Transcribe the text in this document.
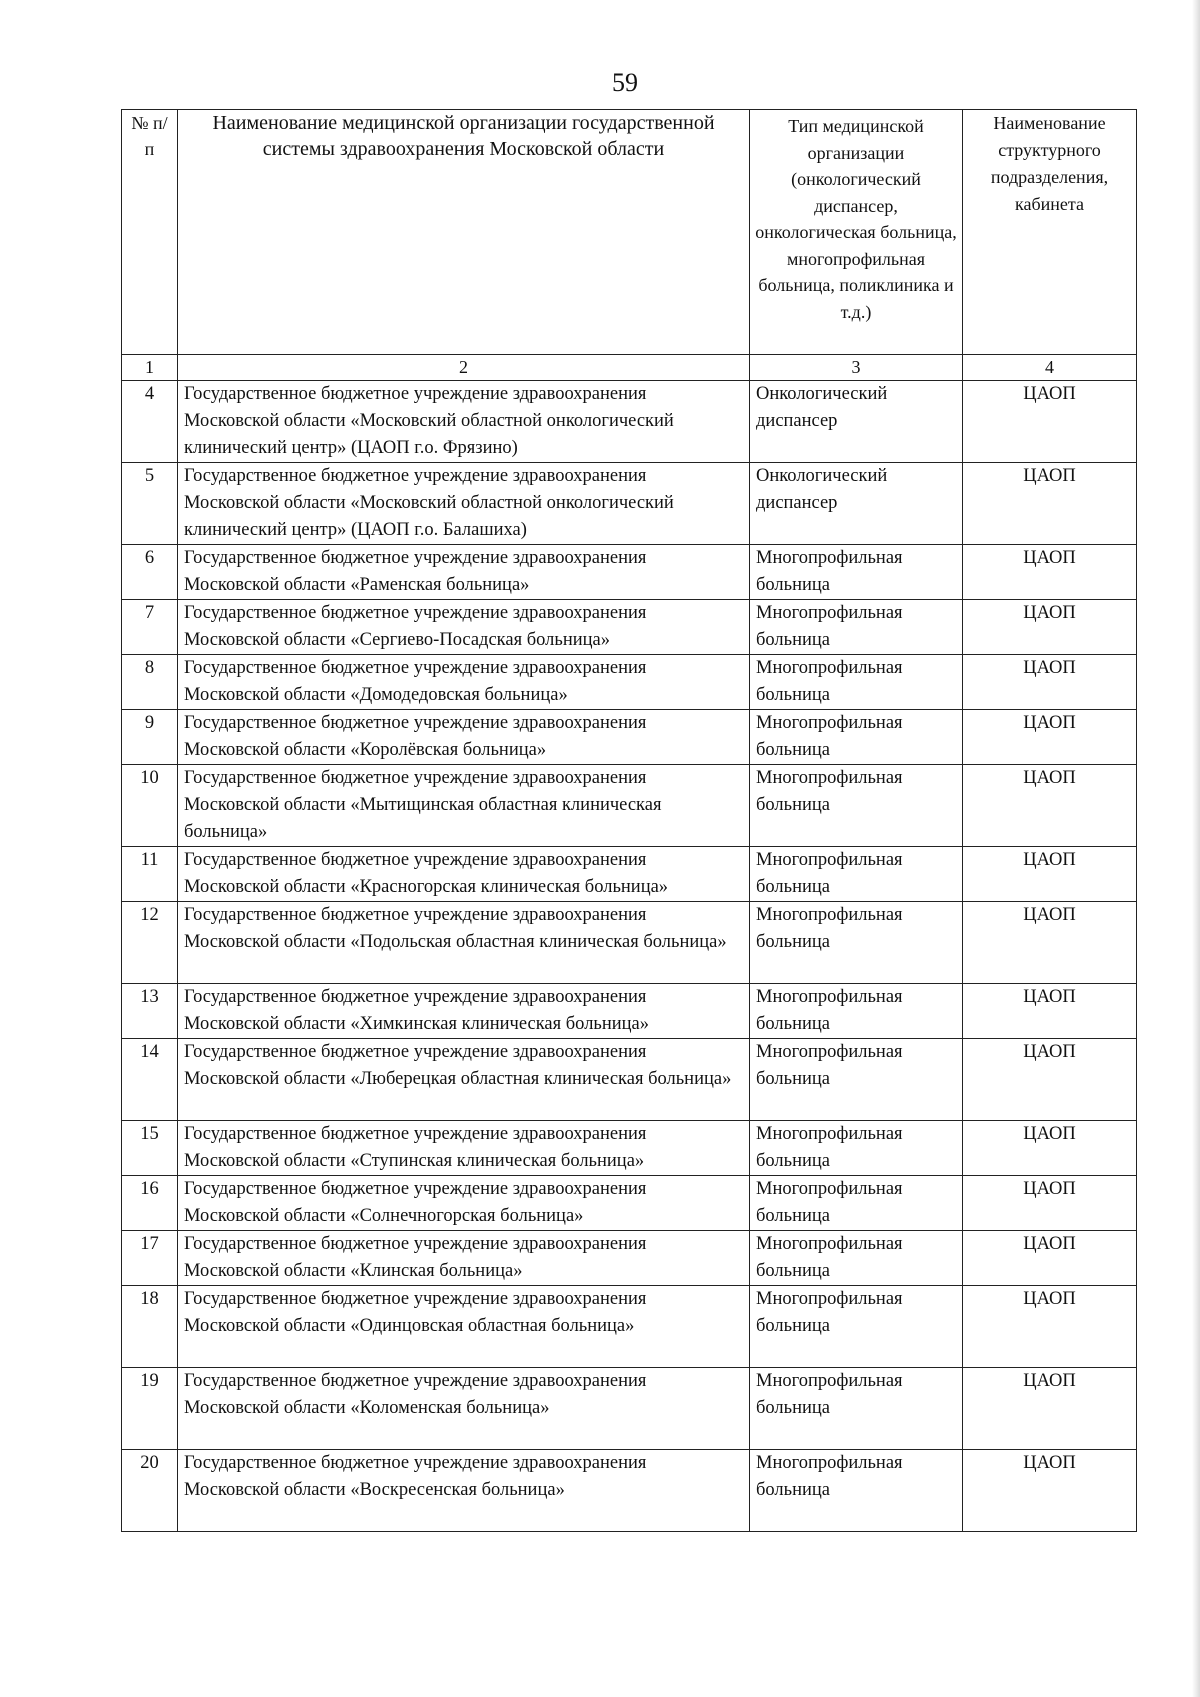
59
№ п/п	Наименование медицинской организации государственной системы здравоохранения Московской области	Тип медицинской организации (онкологический диспансер, онкологическая больница, многопрофильная больница, поликлиника и т.д.)	Наименование структурного подразделения, кабинета
1	2	3	4
4	Государственное бюджетное учреждение здравоохранения Московской области «Московский областной онкологический клинический центр» (ЦАОП г.о. Фрязино)	Онкологический диспансер	ЦАОП
5	Государственное бюджетное учреждение здравоохранения Московской области «Московский областной онкологический клинический центр» (ЦАОП г.о. Балашиха)	Онкологический диспансер	ЦАОП
6	Государственное бюджетное учреждение здравоохранения Московской области «Раменская больница»	Многопрофильная больница	ЦАОП
7	Государственное бюджетное учреждение здравоохранения Московской области «Сергиево-Посадская больница»	Многопрофильная больница	ЦАОП
8	Государственное бюджетное учреждение здравоохранения Московской области «Домодедовская больница»	Многопрофильная больница	ЦАОП
9	Государственное бюджетное учреждение здравоохранения Московской области «Королёвская больница»	Многопрофильная больница	ЦАОП
10	Государственное бюджетное учреждение здравоохранения Московской области «Мытищинская областная клиническая больница»	Многопрофильная больница	ЦАОП
11	Государственное бюджетное учреждение здравоохранения Московской области «Красногорская клиническая больница»	Многопрофильная больница	ЦАОП
12	Государственное бюджетное учреждение здравоохранения Московской области «Подольская областная клиническая больница»	Многопрофильная больница	ЦАОП
13	Государственное бюджетное учреждение здравоохранения Московской области «Химкинская клиническая больница»	Многопрофильная больница	ЦАОП
14	Государственное бюджетное учреждение здравоохранения Московской области «Люберецкая областная клиническая больница»	Многопрофильная больница	ЦАОП
15	Государственное бюджетное учреждение здравоохранения Московской области «Ступинская клиническая больница»	Многопрофильная больница	ЦАОП
16	Государственное бюджетное учреждение здравоохранения Московской области «Солнечногорская больница»	Многопрофильная больница	ЦАОП
17	Государственное бюджетное учреждение здравоохранения Московской области «Клинская больница»	Многопрофильная больница	ЦАОП
18	Государственное бюджетное учреждение здравоохранения Московской области «Одинцовская областная больница»	Многопрофильная больница	ЦАОП
19	Государственное бюджетное учреждение здравоохранения Московской области «Коломенская больница»	Многопрофильная больница	ЦАОП
20	Государственное бюджетное учреждение здравоохранения Московской области «Воскресенская больница»	Многопрофильная больница	ЦАОП
